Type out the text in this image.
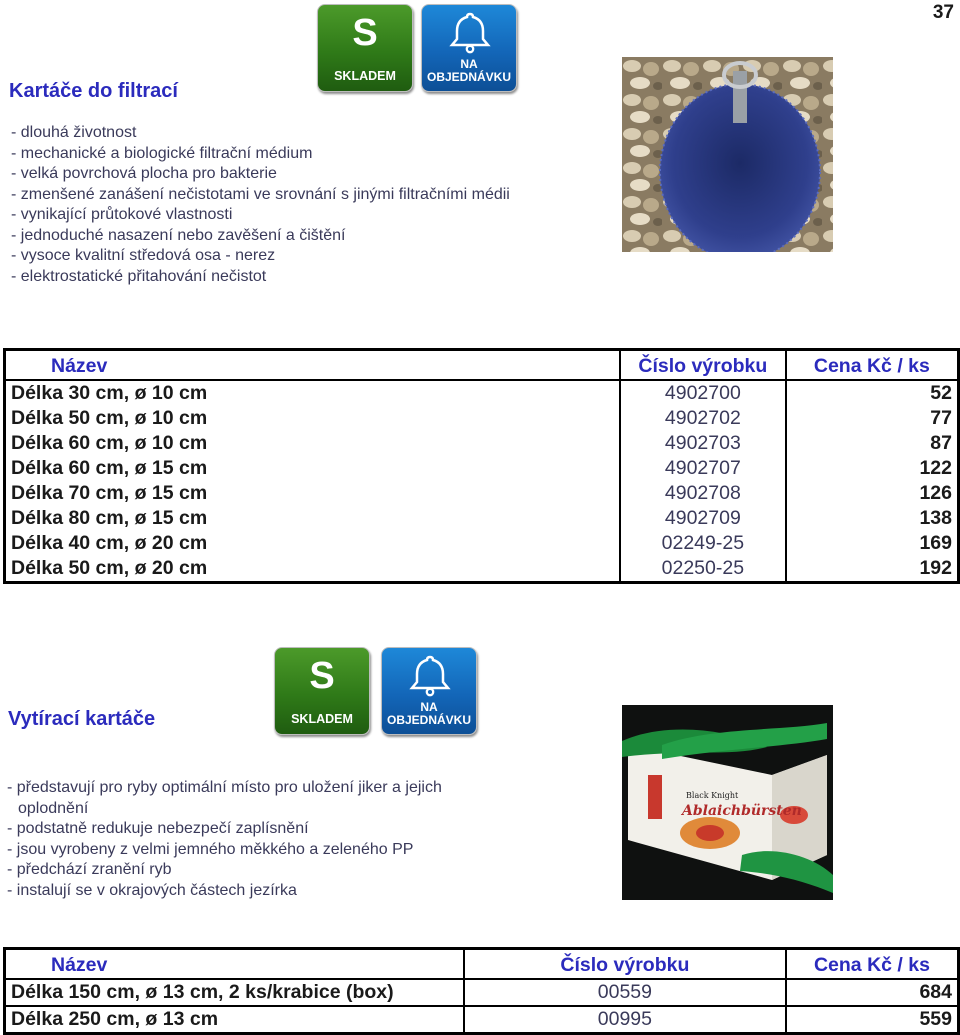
37
Kartáče do filtrací
S
SKLADEM
NA
OBJEDNÁVKU
- dlouhá životnost
- mechanické a biologické filtrační médium
- velká povrchová plocha pro bakterie
- zmenšené zanášení nečistotami ve srovnání s jinými filtračními médii
- vynikající průtokové vlastnosti
- jednoduché nasazení nebo zavěšení a čištění
- vysoce kvalitní středová osa - nerez
- elektrostatické přitahování nečistot
Název	Číslo výrobku	Cena Kč / ks
Délka 30 cm, ø 10 cm	4902700	52
Délka 50 cm, ø 10 cm	4902702	77
Délka 60 cm, ø 10 cm	4902703	87
Délka 60 cm, ø 15 cm	4902707	122
Délka 70 cm, ø 15 cm	4902708	126
Délka 80 cm, ø 15 cm	4902709	138
Délka 40 cm, ø 20 cm	02249-25	169
Délka 50 cm, ø 20 cm	02250-25	192
Vytírací kartáče
S
SKLADEM
NA
OBJEDNÁVKU
- představují pro ryby optimální místo pro uložení jiker a jejich
oplodnění
- podstatně redukuje nebezpečí zaplísnění
- jsou vyrobeny z velmi jemného měkkého a zeleného PP
- předchází zranění ryb
- instalují se v okrajových částech jezírka
Black Knight
Ablaichbürsten
Název	Číslo výrobku	Cena Kč / ks
Délka 150 cm, ø 13 cm, 2 ks/krabice (box)	00559	684
Délka 250 cm, ø 13 cm	00995	559
